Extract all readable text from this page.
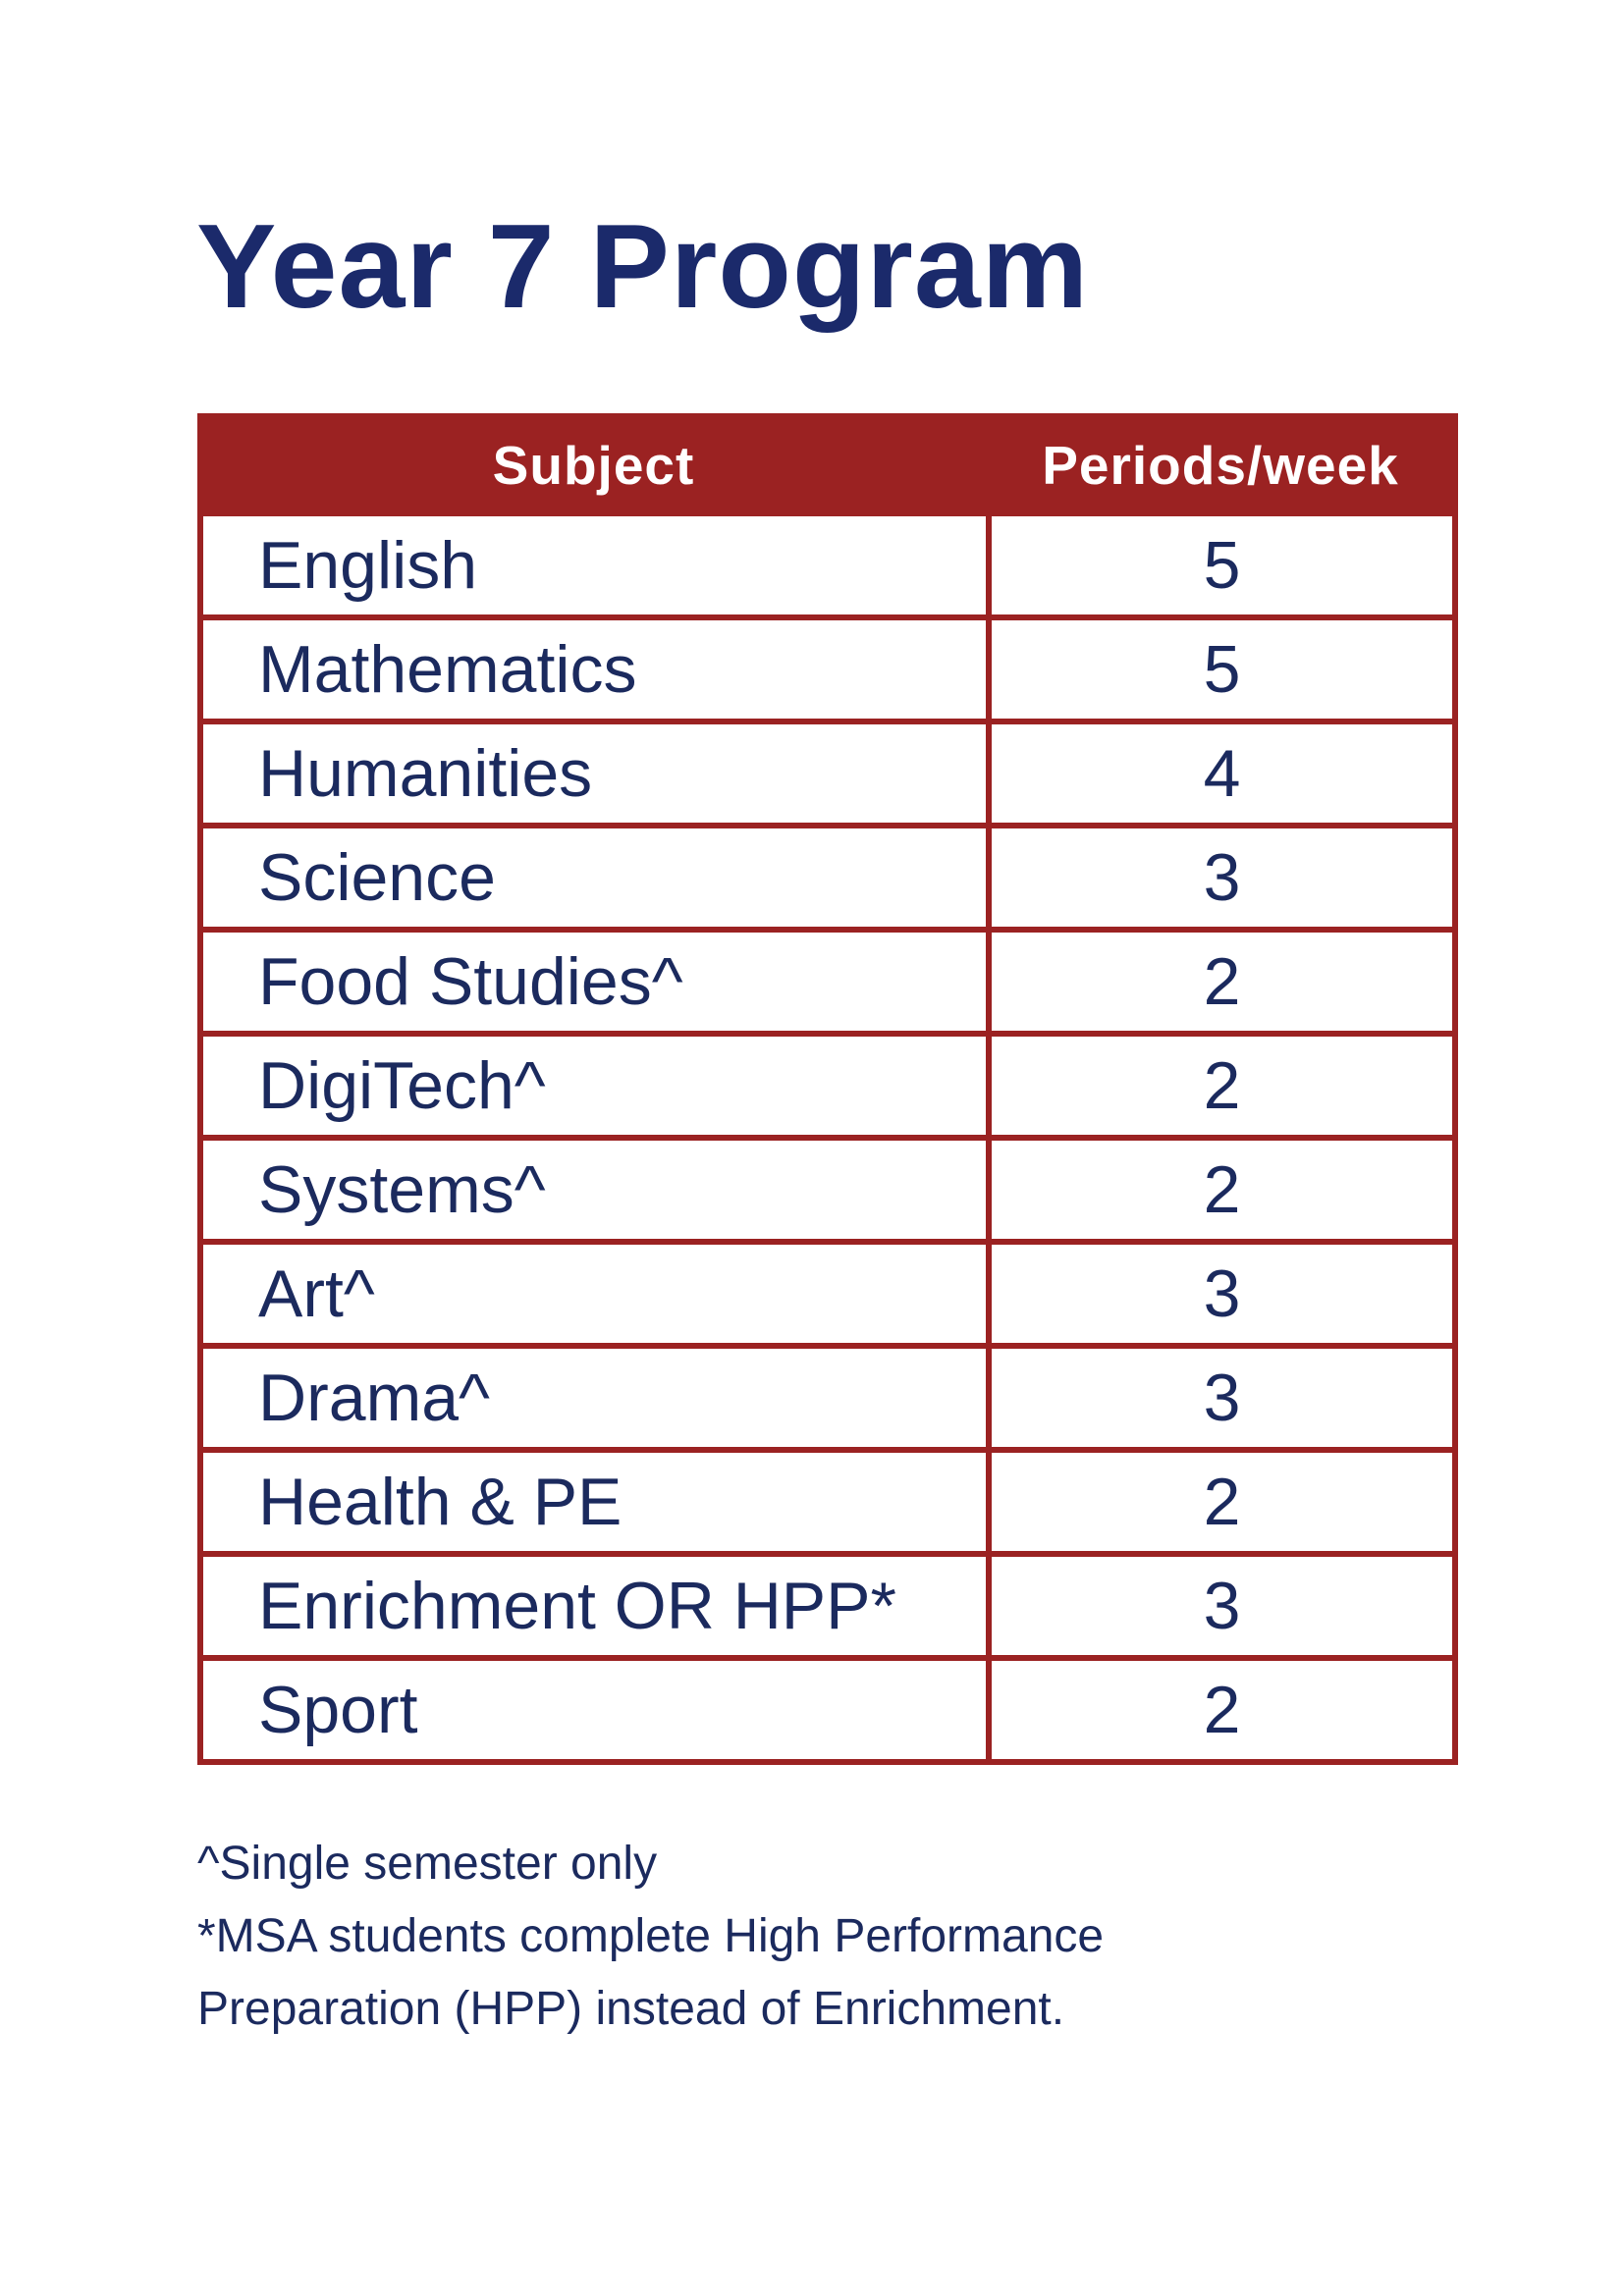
Year 7 Program
Subject	Periods/week
English	5
Mathematics	5
Humanities	4
Science	3
Food Studies^	2
DigiTech^	2
Systems^	2
Art^	3
Drama^	3
Health & PE	2
Enrichment OR HPP*	3
Sport	2
^Single semester only
*MSA students complete High Performance
Preparation (HPP) instead of Enrichment.
